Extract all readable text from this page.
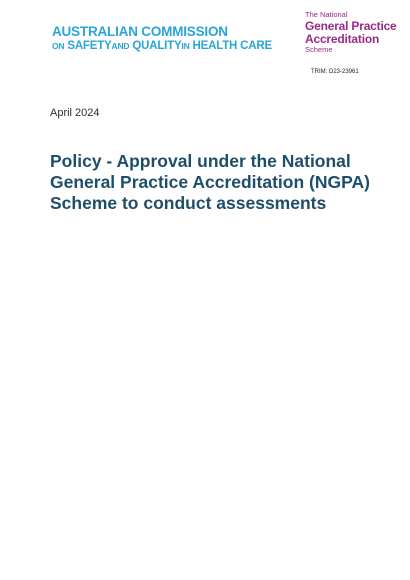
AUSTRALIAN COMMISSION
ON SAFETYAND QUALITYIN HEALTH CARE
The National
General Practice
Accreditation
Scheme
TRIM: D23-23961
April 2024
Policy - Approval under the National General Practice Accreditation (NGPA) Scheme to conduct assessments
